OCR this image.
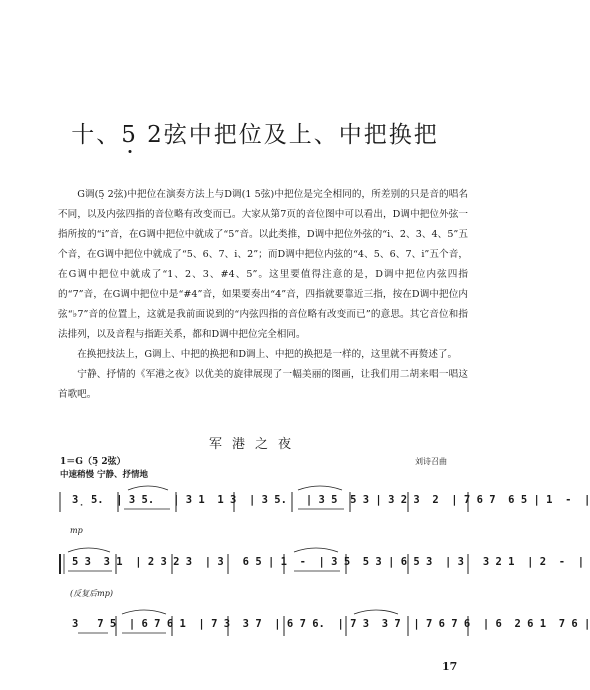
十、5 2弦中把位及上、中把换把

G调(5̣ 2弦)中把位在演奏方法上与D调(1 5弦)中把位是完全相同的，所差别的只是音的唱名不同，以及内弦四指的音位略有改变而已。大家从第7页的音位图中可以看出，D调中把位外弦一指所按的“i̇”音，在G调中把位中就成了“5”音。以此类推，D调中把位外弦的“i̇、2̇、3̇、4̇、5̇”五个音，在G调中把位中就成了“5、6、7、i̇、2̇”；而D调中把位内弦的“4、5、6、7、i̇”五个音，在G调中把位中就成了“1、2、3、#4、5”。这里要值得注意的是，D调中把位内弦四指的“7”音，在G调中把位中是“#4”音，如果要奏出“4”音，四指就要靠近三指，按在D调中把位内弦“♭7”音的位置上，这就是我前面说到的“内弦四指的音位略有改变而已”的意思。其它音位和指法排列，以及音程与指距关系，都和D调中把位完全相同。

在换把技法上，G调上、中把的换把和D调上、中把的换把是一样的，这里就不再赘述了。

宁静、抒情的《军港之夜》以优美的旋律展现了一幅美丽的图画，让我们用二胡来唱一唱这首歌吧。

军港之夜
1＝G（5̣ 2弦）	刘诗召曲
中速稍慢 宁静、抒情地
3̣ 5.  | 3 5.   | 3 1  1 3  | 3 5.   | 3 5  5 3 | 3 2 3  2  | 7 6 7  6 5 | 1  -  |
mp
5 3  3 1  | 2 3 2 3  | 3   6 5 | 1  -  | 3 5  5 3 | 6 5 3  | 3   3 2 1  | 2  -  |
(反复后mp)
3   7 5  | 6 7 6 1  | 7 3  3 7  | 6 7 6.  | 7 3  3 7  | 7 6 7 6  | 6  2 6 1  7 6 |
17
